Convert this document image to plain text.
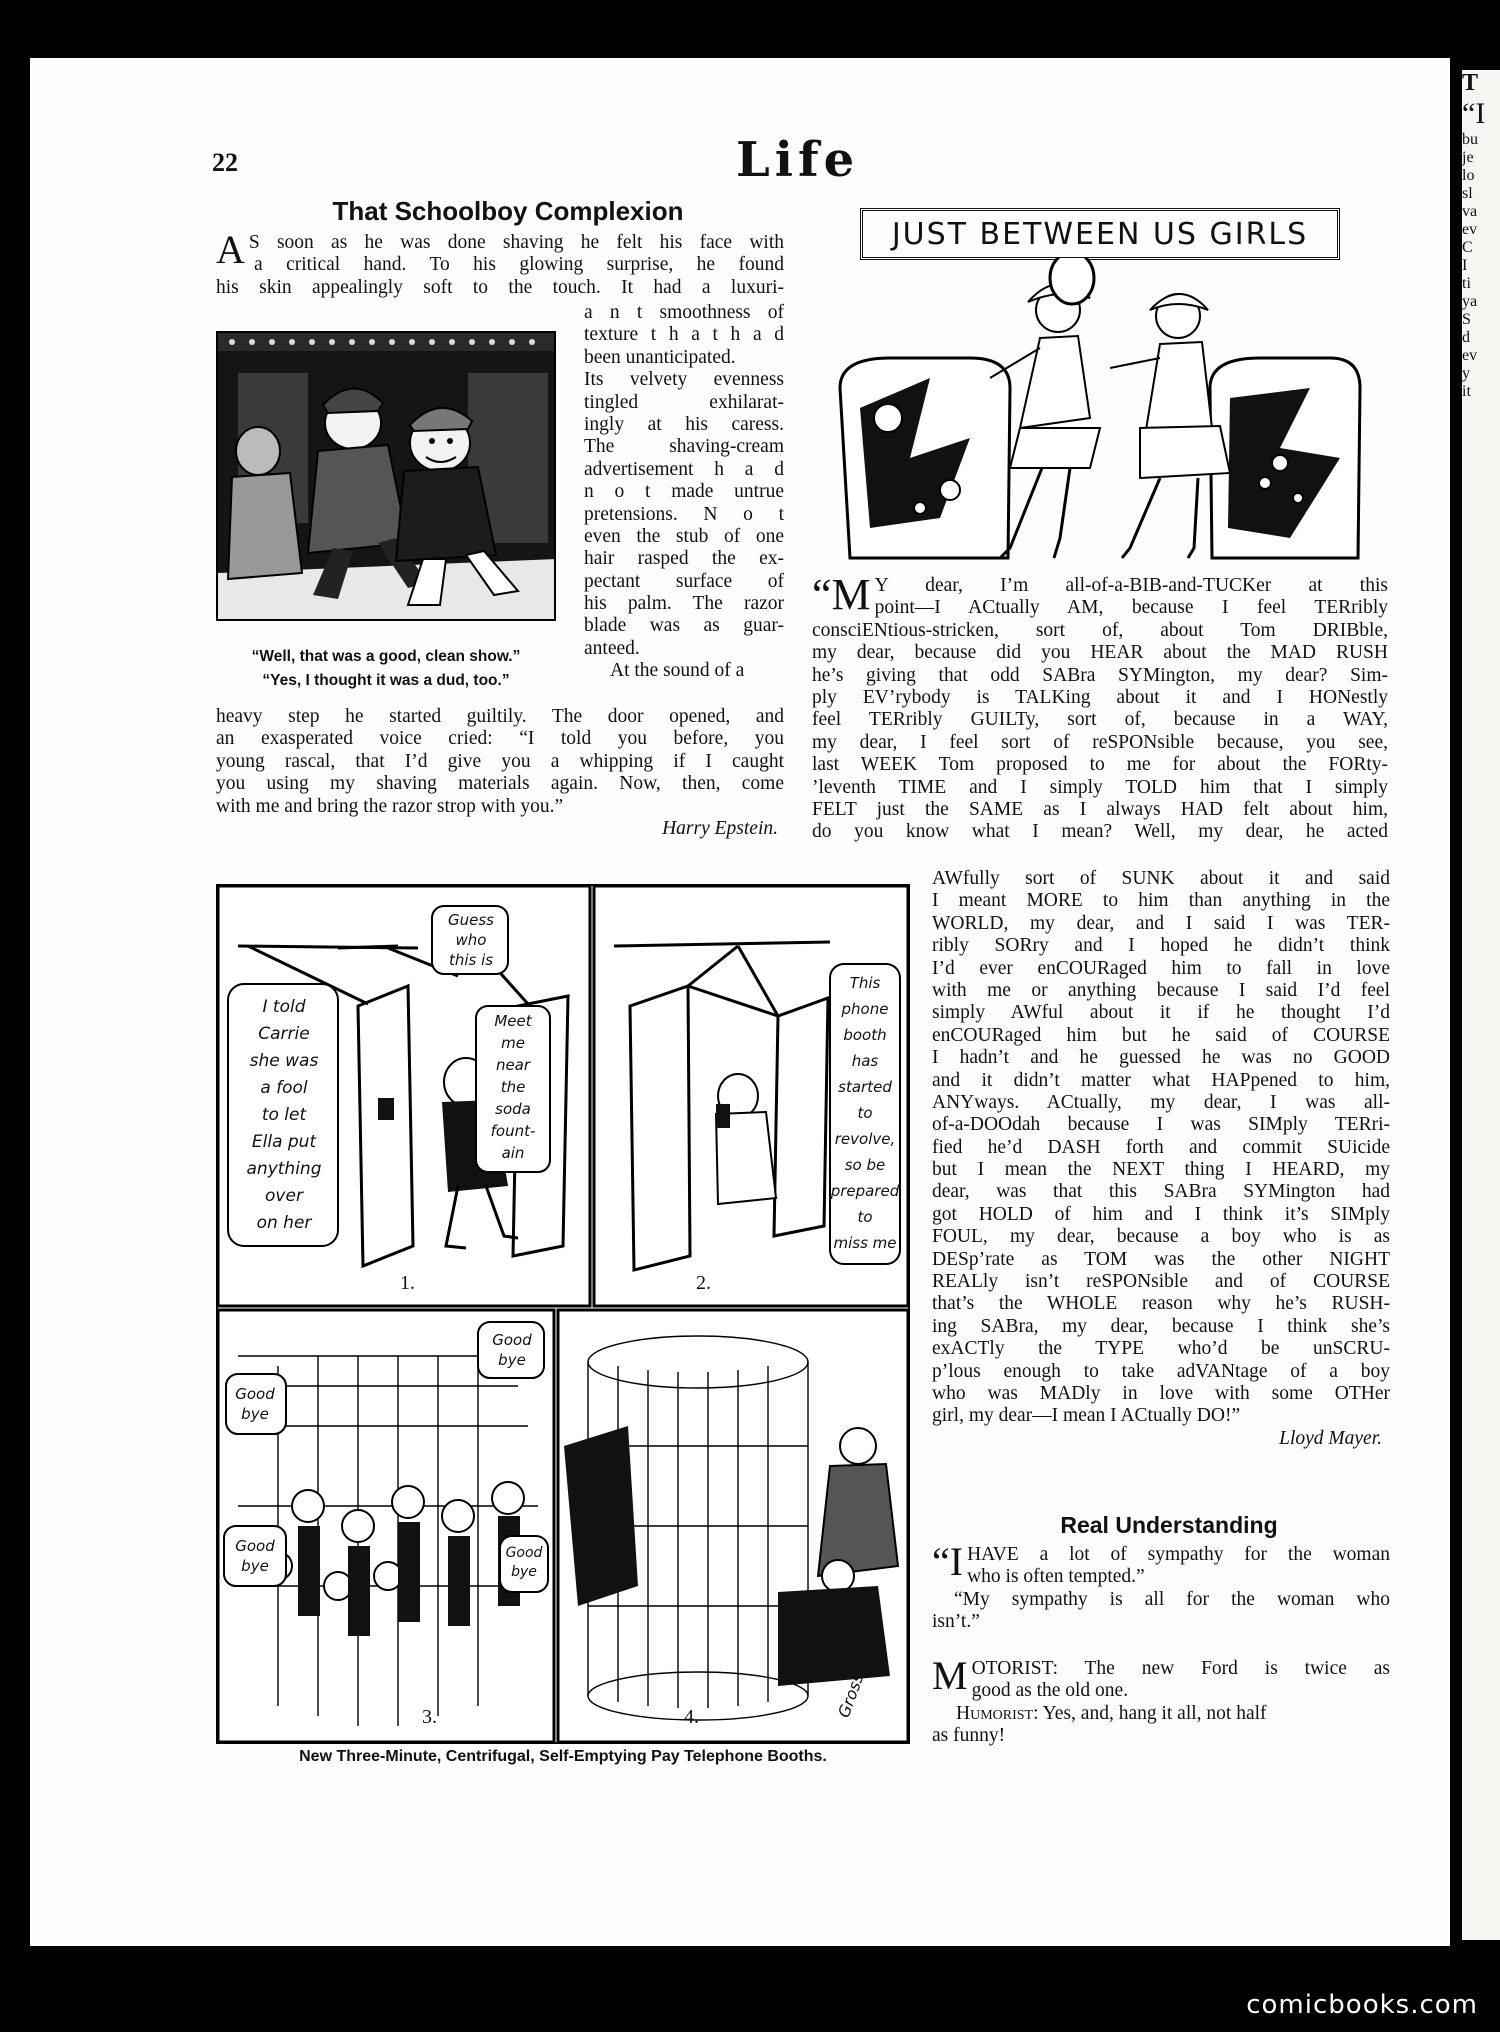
22	Life
That Schoolboy Complexion
A S soon as he was done shaving he felt his face with
a critical hand. To his glowing surprise, he found
his skin appealingly soft to the touch. It had a luxuri-
a n t smoothness of
texture t h a t h a d
been unanticipated.
Its velvety evenness
tingled exhilarat-
ingly at his caress.
The shaving-cream
advertisement h a d
n o t made untrue
pretensions. N o t
even the stub of one
hair rasped the ex-
pectant surface of
his palm. The razor
blade was as guar-
anteed.
At the sound of a
heavy step he started guiltily. The door opened, and
an exasperated voice cried: “I told you before, you
young rascal, that I’d give you a whipping if I caught
you using my shaving materials again. Now, then, come
with me and bring the razor strop with you.”
Harry Epstein.
“Well, that was a good, clean show.”
“Yes, I thought it was a dud, too.”
JUST BETWEEN US GIRLS
“M Y dear, I’m all-of-a-BIB-and-TUCKer at this
point—I ACtually AM, because I feel TERribly
consciENtious-stricken, sort of, about Tom DRIBble,
my dear, because did you HEAR about the MAD RUSH
he’s giving that odd SABra SYMington, my dear? Sim-
ply EV’rybody is TALKing about it and I HONestly
feel TERribly GUILTy, sort of, because in a WAY,
my dear, I feel sort of reSPONsible because, you see,
last WEEK Tom proposed to me for about the FORty-
’leventh TIME and I simply TOLD him that I simply
FELT just the SAME as I always HAD felt about him,
do you know what I mean? Well, my dear, he acted
AWfully sort of SUNK about it and said
I meant MORE to him than anything in the
WORLD, my dear, and I said I was TER-
ribly SORry and I hoped he didn’t think
I’d ever enCOURaged him to fall in love
with me or anything because I said I’d feel
simply AWful about it if he thought I’d
enCOURaged him but he said of COURSE
I hadn’t and he guessed he was no GOOD
and it didn’t matter what HAPpened to him,
ANYways. ACtually, my dear, I was all-
of-a-DOOdah because I was SIMply TERri-
fied he’d DASH forth and commit SUicide
but I mean the NEXT thing I HEARD, my
dear, was that this SABra SYMington had
got HOLD of him and I think it’s SIMply
FOUL, my dear, because a boy who is as
DESp’rate as TOM was the other NIGHT
REALly isn’t reSPONsible and of COURSE
that’s the WHOLE reason why he’s RUSH-
ing SABra, my dear, because I think she’s
exACTly the TYPE who’d be unSCRU-
p’lous enough to take adVANtage of a boy
who was MADly in love with some OTHer
girl, my dear—I mean I ACtually DO!”
Lloyd Mayer.
Real Understanding
“I HAVE a lot of sympathy for the woman
who is often tempted.”
“My sympathy is all for the woman who
isn’t.”
M OTORIST: The new Ford is twice as
good as the old one.
Humorist: Yes, and, hang it all, not half
as funny!
I told
Carrie
she was
a fool
to let
Ella put
anything
over
on her
Guess
who
this is
Meet
me
near
the
soda
fount-
ain
This
phone
booth
has
started
to
revolve,
so be
prepared
to
miss me
Good bye
Good bye
Good bye
Good bye
1.	2.
3.	4.	Gross
New Three-Minute, Centrifugal, Self-Emptying Pay Telephone Booths.
T
“I
bu
je
lo
sl
va
ev
C
I
ti
ya
S
d
ev
y
it
comicbooks.com
